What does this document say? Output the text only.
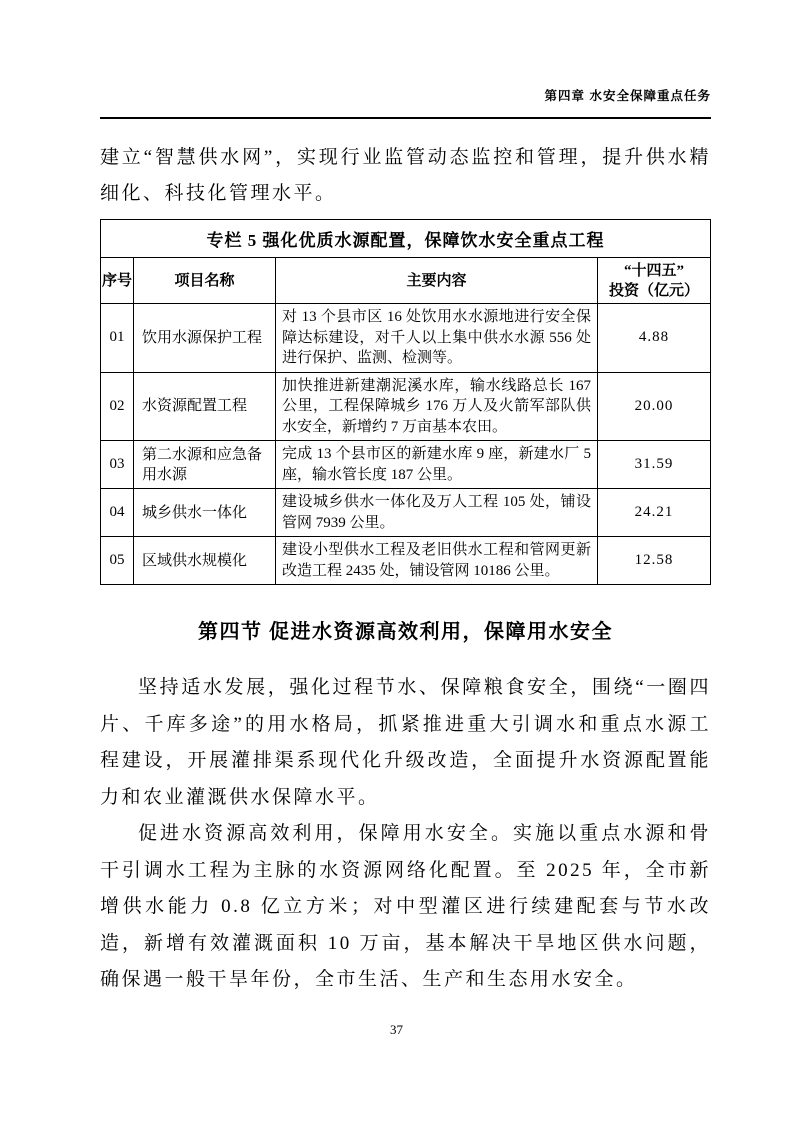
第四章 水安全保障重点任务

建立“智慧供水网”，实现行业监管动态监控和管理，提升供水精细化、科技化管理水平。

专栏 5 强化优质水源配置，保障饮水安全重点工程			
序号	项目名称	主要内容	“十四五”
投资（亿元）

01	饮用水源保护工程	对 13 个县市区 16 处饮用水水源地进行安全保障达标建设，对千人以上集中供水水源 556 处进行保护、监测、检测等。	4.88
02	水资源配置工程	加快推进新建潮泥溪水库，输水线路总长 167 公里，工程保障城乡 176 万人及火箭军部队供水安全，新增约 7 万亩基本农田。	20.00
03	第二水源和应急备用水源	完成 13 个县市区的新建水库 9 座，新建水厂 5 座，输水管长度 187 公里。	31.59
04	城乡供水一体化	建设城乡供水一体化及万人工程 105 处，铺设管网 7939 公里。	24.21
05	区域供水规模化	建设小型供水工程及老旧供水工程和管网更新改造工程 2435 处，铺设管网 10186 公里。	12.58
第四节 促进水资源高效利用，保障用水安全

坚持适水发展，强化过程节水、保障粮食安全，围绕“一圈四片、千库多途”的用水格局，抓紧推进重大引调水和重点水源工程建设，开展灌排渠系现代化升级改造，全面提升水资源配置能力和农业灌溉供水保障水平。

促进水资源高效利用，保障用水安全。实施以重点水源和骨干引调水工程为主脉的水资源网络化配置。至 2025 年，全市新增供水能力 0.8 亿立方米；对中型灌区进行续建配套与节水改造，新增有效灌溉面积 10 万亩，基本解决干旱地区供水问题，确保遇一般干旱年份，全市生活、生产和生态用水安全。

37
